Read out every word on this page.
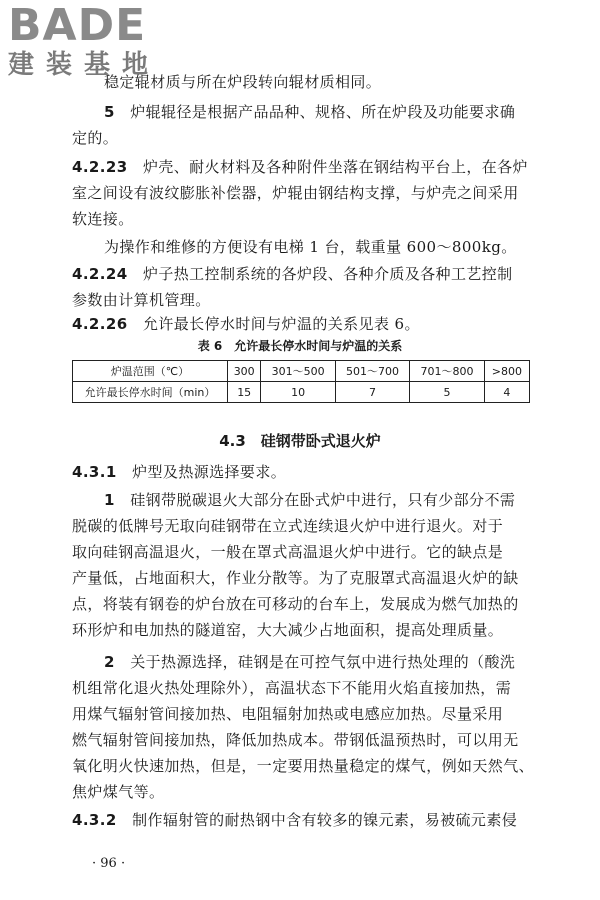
BADE
建装基地
稳定辊材质与所在炉段转向辊材质相同。
5　 炉辊辊径是根据产品品种、规格、所在炉段及功能要求确
定的。
4.2.23　 炉壳、耐火材料及各种附件坐落在钢结构平台上，在各炉
室之间设有波纹膨胀补偿器，炉辊由钢结构支撑，与炉壳之间采用
软连接。
为操作和维修的方便设有电梯 1 台，载重量 600～800kg。
4.2.24　 炉子热工控制系统的各炉段、各种介质及各种工艺控制
参数由计算机管理。
4.2.26　 允许最长停水时间与炉温的关系见表 6。
表 6　允许最长停水时间与炉温的关系
炉温范围（℃）	300	301～500	501～700	701～800	>800
允许最长停水时间（min）	15	10	7	5	4
4.3　硅钢带卧式退火炉
4.3.1　 炉型及热源选择要求。
1　 硅钢带脱碳退火大部分在卧式炉中进行，只有少部分不需
脱碳的低牌号无取向硅钢带在立式连续退火炉中进行退火。对于
取向硅钢高温退火，一般在罩式高温退火炉中进行。它的缺点是
产量低，占地面积大，作业分散等。为了克服罩式高温退火炉的缺
点，将装有钢卷的炉台放在可移动的台车上，发展成为燃气加热的
环形炉和电加热的隧道窑，大大减少占地面积，提高处理质量。
2　 关于热源选择，硅钢是在可控气氛中进行热处理的（酸洗
机组常化退火热处理除外），高温状态下不能用火焰直接加热，需
用煤气辐射管间接加热、电阻辐射加热或电感应加热。尽量采用
燃气辐射管间接加热，降低加热成本。带钢低温预热时，可以用无
氧化明火快速加热，但是，一定要用热量稳定的煤气，例如天然气、
焦炉煤气等。
4.3.2　 制作辐射管的耐热钢中含有较多的镍元素，易被硫元素侵
· 96 ·
